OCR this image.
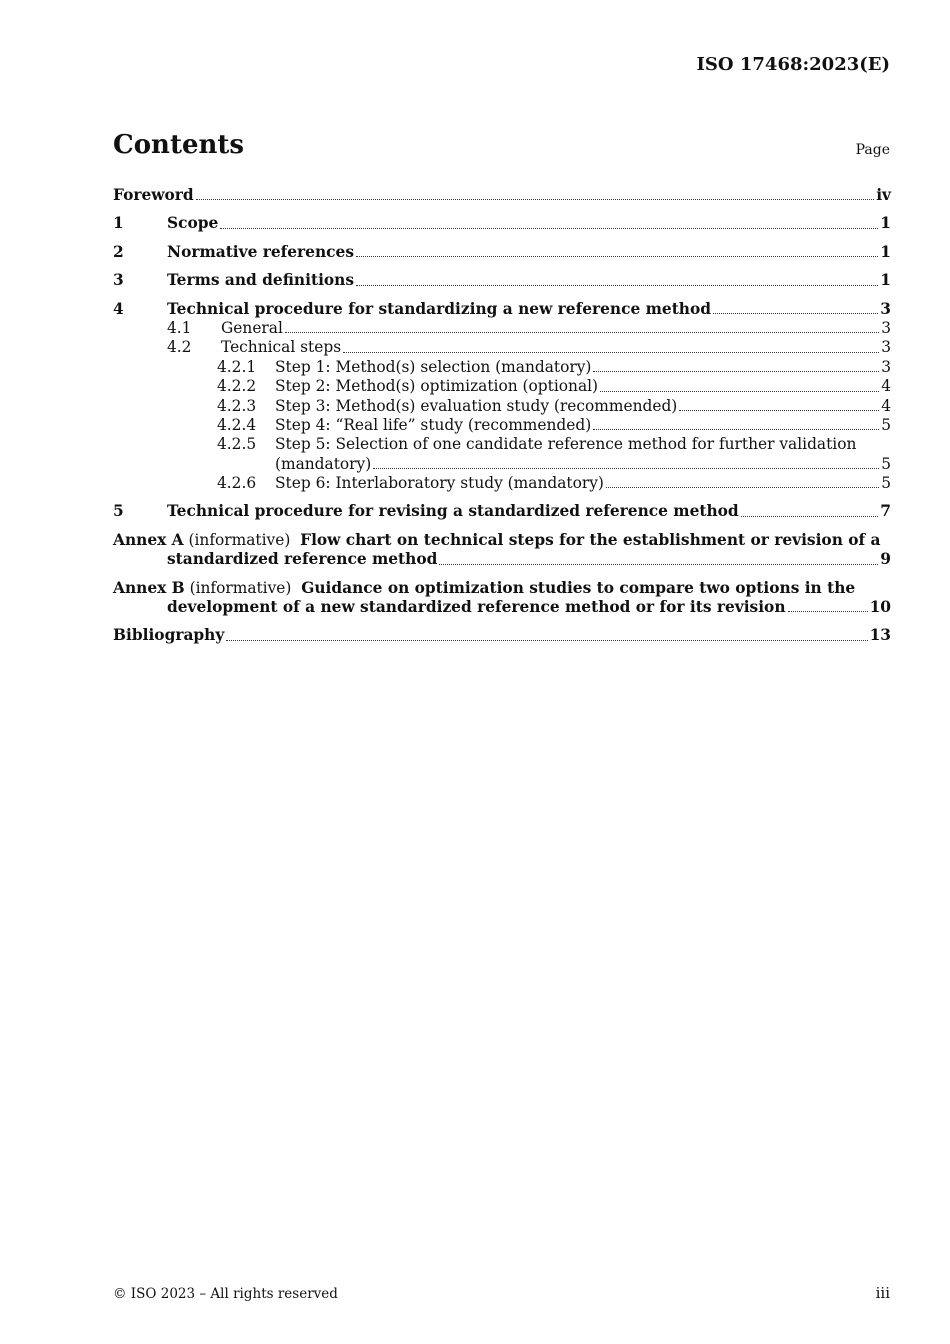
ISO 17468:2023(E)
Contents	Page
Foreword	iv
1	Scope	1
2	Normative references	1
3	Terms and definitions	1
4	Technical procedure for standardizing a new reference method	3
4.1	General	3
4.2	Technical steps	3
4.2.1	Step 1: Method(s) selection (mandatory)	3
4.2.2	Step 2: Method(s) optimization (optional)	4
4.2.3	Step 3: Method(s) evaluation study (recommended)	4
4.2.4	Step 4: “Real life” study (recommended)	5
4.2.5	Step 5: Selection of one candidate reference method for further validation
(mandatory)	5
4.2.6	Step 6: Interlaboratory study (mandatory)	5
5	Technical procedure for revising a standardized reference method	7
Annex A (informative) Flow chart on technical steps for the establishment or revision of a
standardized reference method	9
Annex B (informative) Guidance on optimization studies to compare two options in the
development of a new standardized reference method or for its revision	10
Bibliography	13
© ISO 2023 – All rights reserved	iii
